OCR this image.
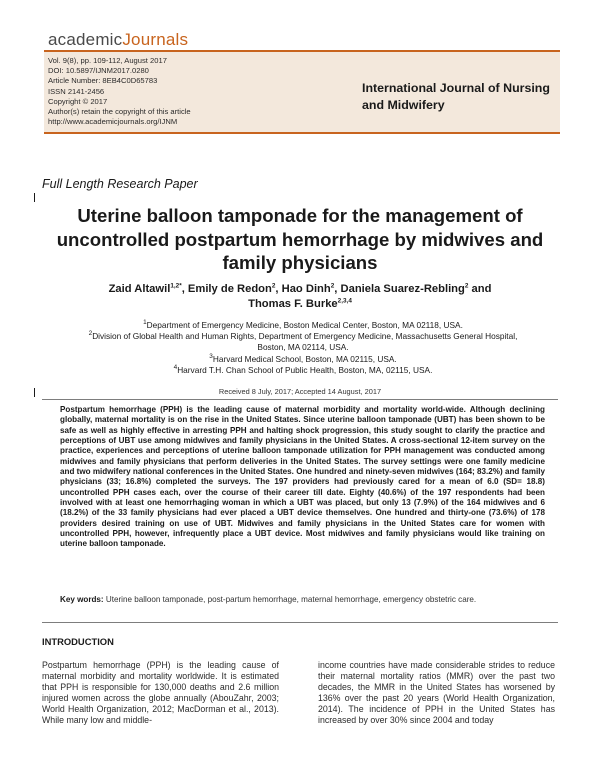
academicJournals
Vol. 9(8), pp. 109-112, August 2017
DOI: 10.5897/IJNM2017.0280
Article Number: 8EB4C0D65783
ISSN 2141-2456
Copyright © 2017
Author(s) retain the copyright of this article
http://www.academicjournals.org/IJNM
International Journal of Nursing
and Midwifery
Full Length Research Paper
Uterine balloon tamponade for the management of
uncontrolled postpartum hemorrhage by midwives and
family physicians
Zaid Altawil$^{1,2*}$, Emily de Redon$^2$, Hao Dinh$^2$, Daniela Suarez-Rebling$^2$ and
Thomas F. Burke$^{2,3,4}$
$^1$Department of Emergency Medicine, Boston Medical Center, Boston, MA 02118, USA.
$^2$Division of Global Health and Human Rights, Department of Emergency Medicine, Massachusetts General Hospital,
Boston, MA 02114, USA.
$^3$Harvard Medical School, Boston, MA 02115, USA.
$^4$Harvard T.H. Chan School of Public Health, Boston, MA, 02115, USA.
Received 8 July, 2017; Accepted 14 August, 2017
Postpartum hemorrhage (PPH) is the leading cause of maternal morbidity and mortality world-wide. Although declining globally, maternal mortality is on the rise in the United States. Since uterine balloon tamponade (UBT) has been shown to be safe as well as highly effective in arresting PPH and halting shock progression, this study sought to clarify the practice and perceptions of UBT use among midwives and family physicians in the United States. A cross-sectional 12-item survey on the practice, experiences and perceptions of uterine balloon tamponade utilization for PPH management was conducted among midwives and family physicians that perform deliveries in the United States. The survey settings were one family medicine and two midwifery national conferences in the United States. One hundred and ninety-seven midwives (164; 83.2%) and family physicians (33; 16.8%) completed the surveys. The 197 providers had previously cared for a mean of 6.0 (SD= 18.8) uncontrolled PPH cases each, over the course of their career till date. Eighty (40.6%) of the 197 respondents had been involved with at least one hemorrhaging woman in which a UBT was placed, but only 13 (7.9%) of the 164 midwives and 6 (18.2%) of the 33 family physicians had ever placed a UBT device themselves. One hundred and thirty-one (73.6%) of 178 providers desired training on use of UBT. Midwives and family physicians in the United States care for women with uncontrolled PPH, however, infrequently place a UBT device. Most midwives and family physicians would like training on uterine balloon tamponade.
Key words: Uterine balloon tamponade, post-partum hemorrhage, maternal hemorrhage, emergency obstetric care.
INTRODUCTION
Postpartum hemorrhage (PPH) is the leading cause of maternal morbidity and mortality worldwide. It is estimated that PPH is responsible for 130,000 deaths and 2.6 million injured women across the globe annually (AbouZahr, 2003; World Health Organization, 2012; MacDorman et al., 2013). While many low and middle-
income countries have made considerable strides to reduce their maternal mortality ratios (MMR) over the past two decades, the MMR in the United States has worsened by 136% over the past 20 years (World Health Organization, 2014). The incidence of PPH in the United States has increased by over 30% since 2004 and today
